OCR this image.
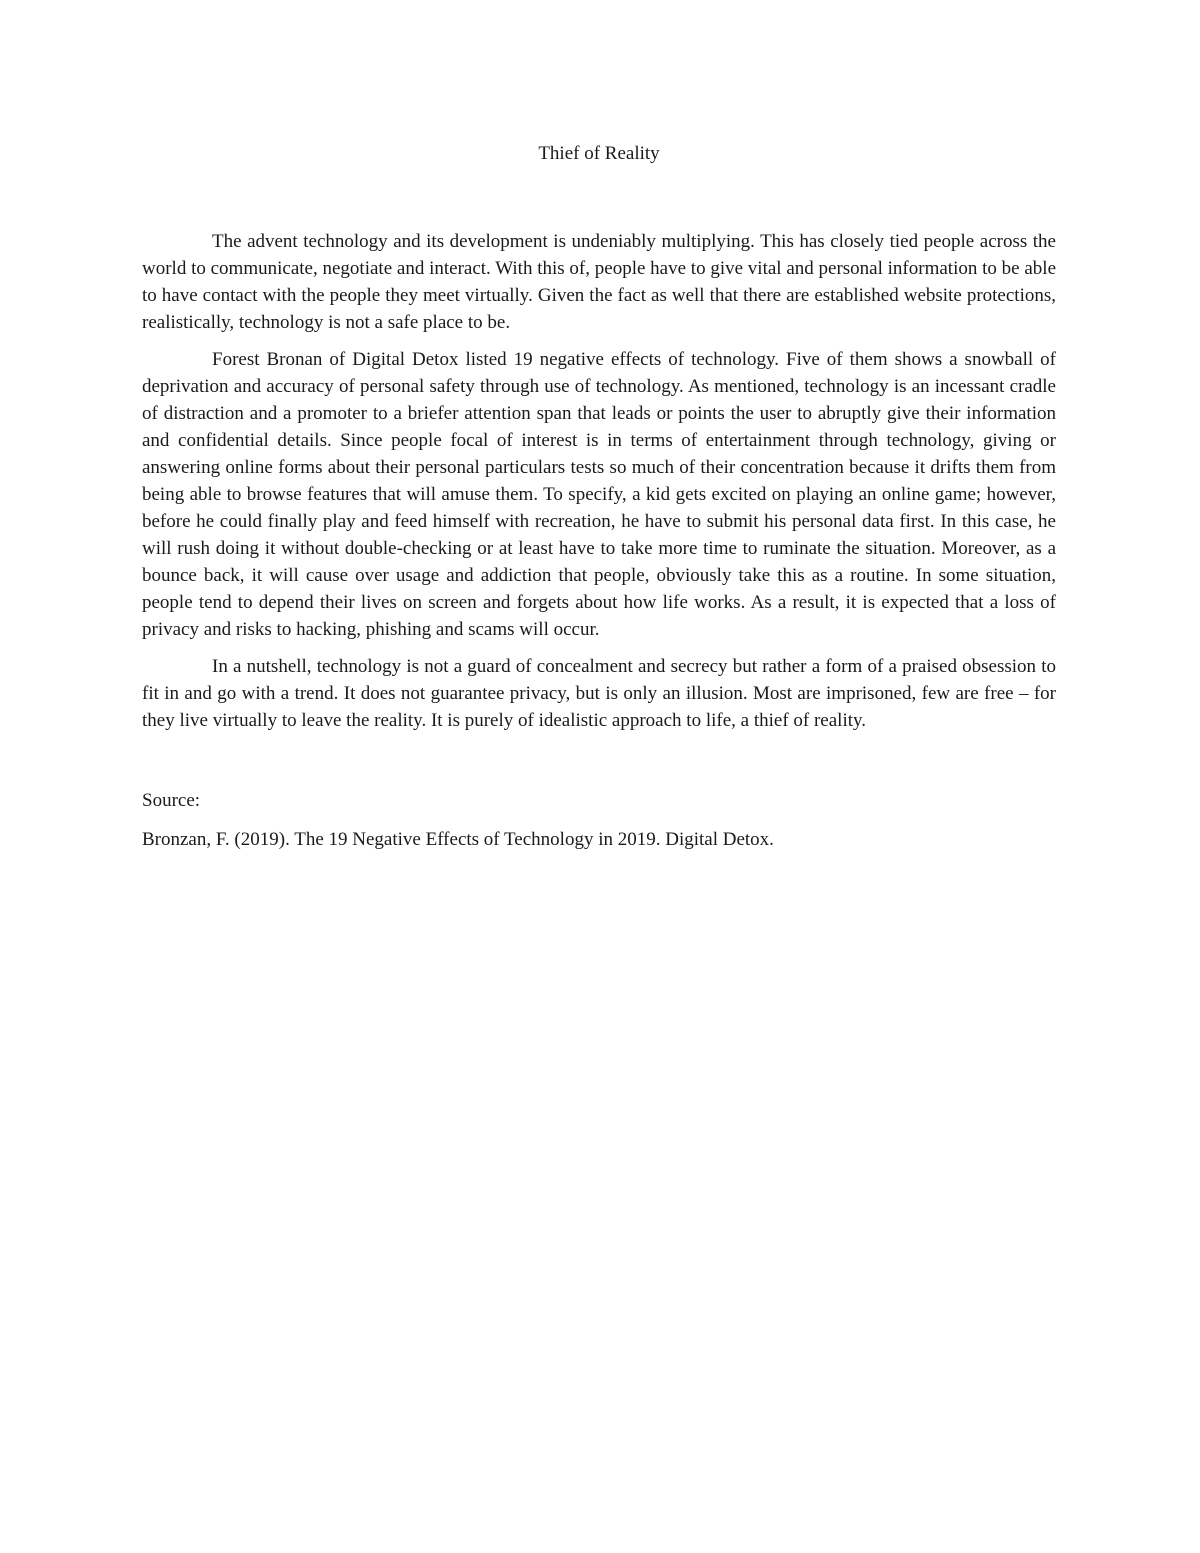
Thief of Reality

The advent technology and its development is undeniably multiplying. This has closely tied people across the world to communicate, negotiate and interact. With this of, people have to give vital and personal information to be able to have contact with the people they meet virtually. Given the fact as well that there are established website protections, realistically, technology is not a safe place to be.

Forest Bronan of Digital Detox listed 19 negative effects of technology. Five of them shows a snowball of deprivation and accuracy of personal safety through use of technology. As mentioned, technology is an incessant cradle of distraction and a promoter to a briefer attention span that leads or points the user to abruptly give their information and confidential details. Since people focal of interest is in terms of entertainment through technology, giving or answering online forms about their personal particulars tests so much of their concentration because it drifts them from being able to browse features that will amuse them. To specify, a kid gets excited on playing an online game; however, before he could finally play and feed himself with recreation, he have to submit his personal data first. In this case, he will rush doing it without double-checking or at least have to take more time to ruminate the situation. Moreover, as a bounce back, it will cause over usage and addiction that people, obviously take this as a routine. In some situation, people tend to depend their lives on screen and forgets about how life works. As a result, it is expected that a loss of privacy and risks to hacking, phishing and scams will occur.

In a nutshell, technology is not a guard of concealment and secrecy but rather a form of a praised obsession to fit in and go with a trend. It does not guarantee privacy, but is only an illusion. Most are imprisoned, few are free – for they live virtually to leave the reality. It is purely of idealistic approach to life, a thief of reality.

Source:

Bronzan, F. (2019). The 19 Negative Effects of Technology in 2019. Digital Detox.
